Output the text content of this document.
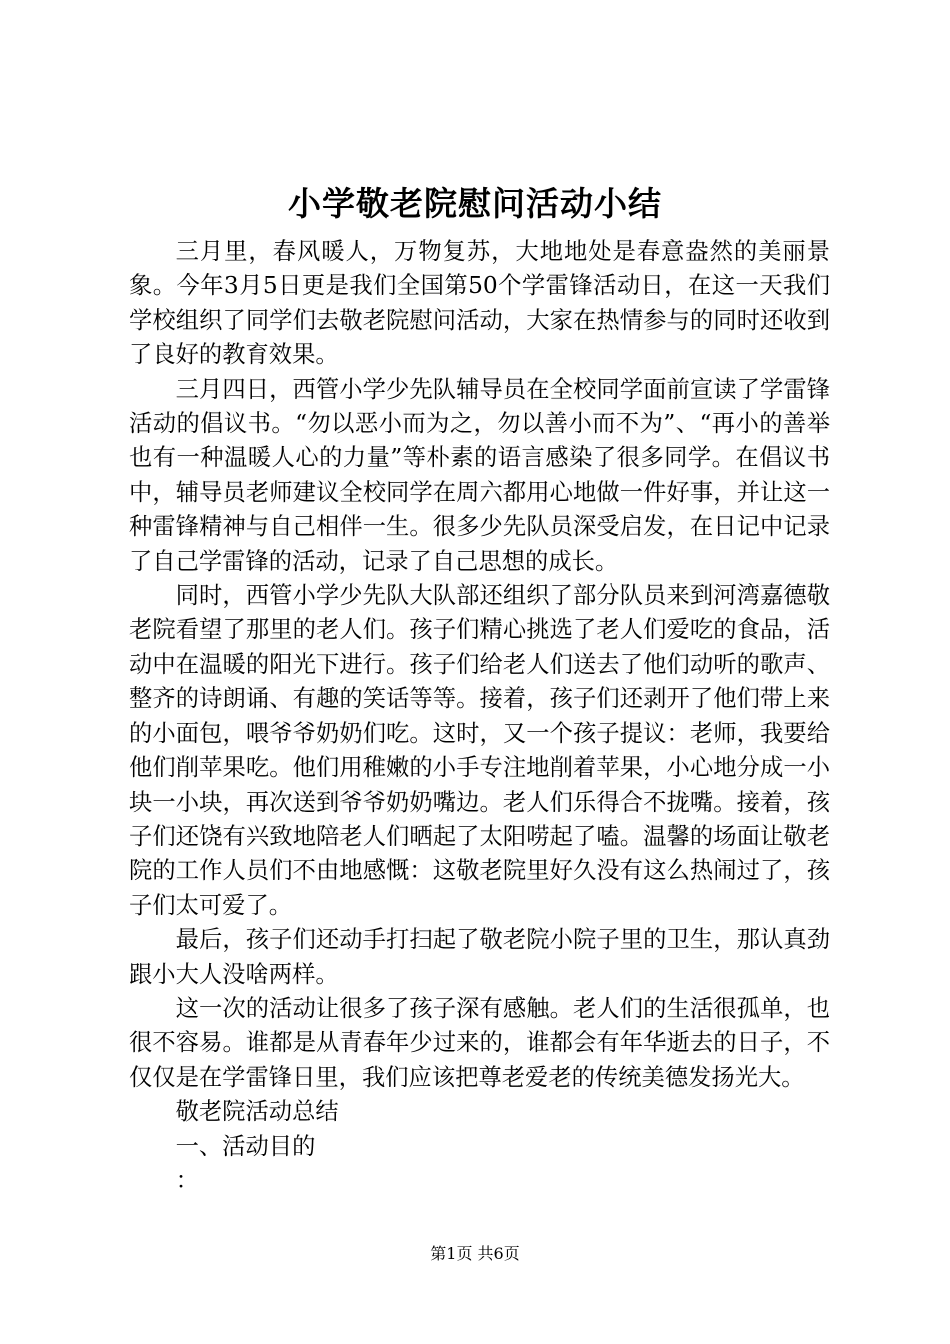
小学敬老院慰问活动小结

三月里，春风暖人，万物复苏，大地地处是春意盎然的美丽景象。今年3月5日更是我们全国第50个学雷锋活动日，在这一天我们学校组织了同学们去敬老院慰问活动，大家在热情参与的同时还收到了良好的教育效果。

三月四日，西管小学少先队辅导员在全校同学面前宣读了学雷锋活动的倡议书。“勿以恶小而为之，勿以善小而不为”、“再小的善举也有一种温暖人心的力量”等朴素的语言感染了很多同学。在倡议书中，辅导员老师建议全校同学在周六都用心地做一件好事，并让这一种雷锋精神与自己相伴一生。很多少先队员深受启发，在日记中记录了自己学雷锋的活动，记录了自己思想的成长。

同时，西管小学少先队大队部还组织了部分队员来到河湾嘉德敬老院看望了那里的老人们。孩子们精心挑选了老人们爱吃的食品，活动中在温暖的阳光下进行。孩子们给老人们送去了他们动听的歌声、整齐的诗朗诵、有趣的笑话等等。接着，孩子们还剥开了他们带上来的小面包，喂爷爷奶奶们吃。这时，又一个孩子提议：老师，我要给他们削苹果吃。他们用稚嫩的小手专注地削着苹果，小心地分成一小块一小块，再次送到爷爷奶奶嘴边。老人们乐得合不拢嘴。接着，孩子们还饶有兴致地陪老人们晒起了太阳唠起了嗑。温馨的场面让敬老院的工作人员们不由地感慨：这敬老院里好久没有这么热闹过了，孩子们太可爱了。

最后，孩子们还动手打扫起了敬老院小院子里的卫生，那认真劲跟小大人没啥两样。

这一次的活动让很多了孩子深有感触。老人们的生活很孤单，也很不容易。谁都是从青春年少过来的，谁都会有年华逝去的日子，不仅仅是在学雷锋日里，我们应该把尊老爱老的传统美德发扬光大。

敬老院活动总结

一、活动目的

：

第1页 共6页
